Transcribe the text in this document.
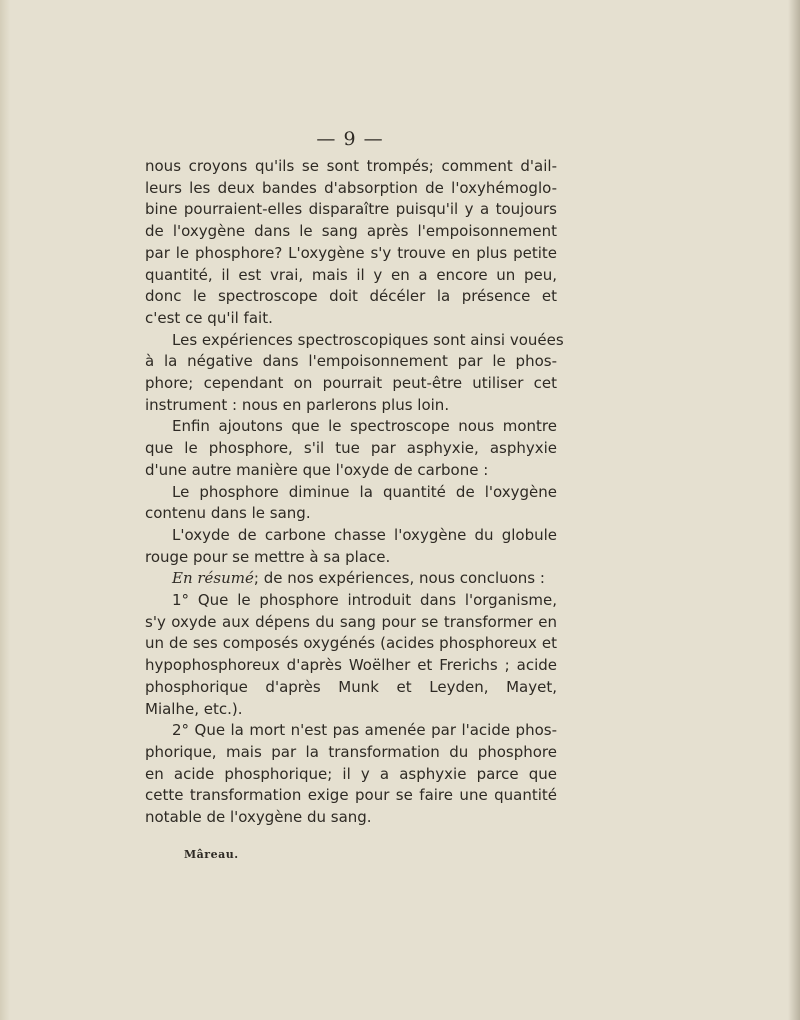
— 9 —
nous croyons qu'ils se sont trompés; comment d'ail-
leurs les deux bandes d'absorption de l'oxyhémoglo-
bine pourraient-elles disparaître puisqu'il y a toujours
de l'oxygène dans le sang après l'empoisonnement
par le phosphore? L'oxygène s'y trouve en plus petite
quantité, il est vrai, mais il y en a encore un peu,
donc le spectroscope doit décéler la présence et
c'est ce qu'il fait.
Les expériences spectroscopiques sont ainsi vouées
à la négative dans l'empoisonnement par le phos-
phore; cependant on pourrait peut-être utiliser cet
instrument : nous en parlerons plus loin.
Enfin ajoutons que le spectroscope nous montre
que le phosphore, s'il tue par asphyxie, asphyxie
d'une autre manière que l'oxyde de carbone :
Le phosphore diminue la quantité de l'oxygène
contenu dans le sang.
L'oxyde de carbone chasse l'oxygène du globule
rouge pour se mettre à sa place.
En résumé; de nos expériences, nous concluons :
1° Que le phosphore introduit dans l'organisme,
s'y oxyde aux dépens du sang pour se transformer en
un de ses composés oxygénés (acides phosphoreux et
hypophosphoreux d'après Woëlher et Frerichs ; acide
phosphorique d'après Munk et Leyden, Mayet,
Mialhe, etc.).
2° Que la mort n'est pas amenée par l'acide phos-
phorique, mais par la transformation du phosphore
en acide phosphorique; il y a asphyxie parce que
cette transformation exige pour se faire une quantité
notable de l'oxygène du sang.
Mâreau.
